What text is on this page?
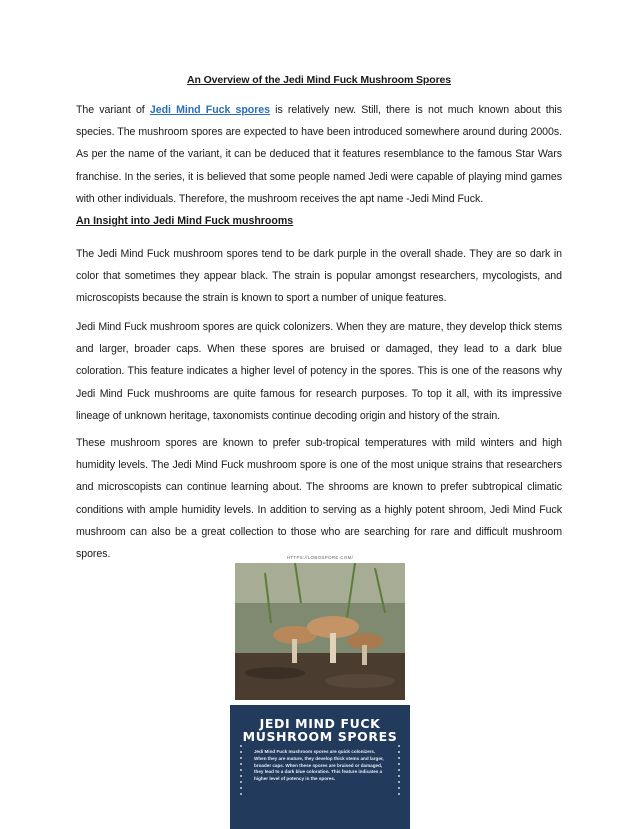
An Overview of the Jedi Mind Fuck Mushroom Spores
The variant of Jedi Mind Fuck spores is relatively new. Still, there is not much known about this species. The mushroom spores are expected to have been introduced somewhere around during 2000s. As per the name of the variant, it can be deduced that it features resemblance to the famous Star Wars franchise. In the series, it is believed that some people named Jedi were capable of playing mind games with other individuals. Therefore, the mushroom receives the apt name -Jedi Mind Fuck.
An Insight into Jedi Mind Fuck mushrooms
The Jedi Mind Fuck mushroom spores tend to be dark purple in the overall shade. They are so dark in color that sometimes they appear black. The strain is popular amongst researchers, mycologists, and microscopists because the strain is known to sport a number of unique features.
Jedi Mind Fuck mushroom spores are quick colonizers. When they are mature, they develop thick stems and larger, broader caps. When these spores are bruised or damaged, they lead to a dark blue coloration. This feature indicates a higher level of potency in the spores. This is one of the reasons why Jedi Mind Fuck mushrooms are quite famous for research purposes. To top it all, with its impressive lineage of unknown heritage, taxonomists continue decoding origin and history of the strain.
These mushroom spores are known to prefer sub-tropical temperatures with mild winters and high humidity levels. The Jedi Mind Fuck mushroom spore is one of the most unique strains that researchers and microscopists can continue learning about. The shrooms are known to prefer subtropical climatic conditions with ample humidity levels. In addition to serving as a highly potent shroom, Jedi Mind Fuck mushroom can also be a great collection to those who are searching for rare and difficult mushroom spores.	HTTPS://LOBOSPORE.COM/
JEDI MIND FUCK
MUSHROOM SPORES
Jedi Mind Fuck mushroom spores are quick colonizers. When they are mature, they develop thick stems and larger, broader caps. When these spores are bruised or damaged, they lead to a dark blue coloration. This feature indicates a higher level of potency in the spores.
